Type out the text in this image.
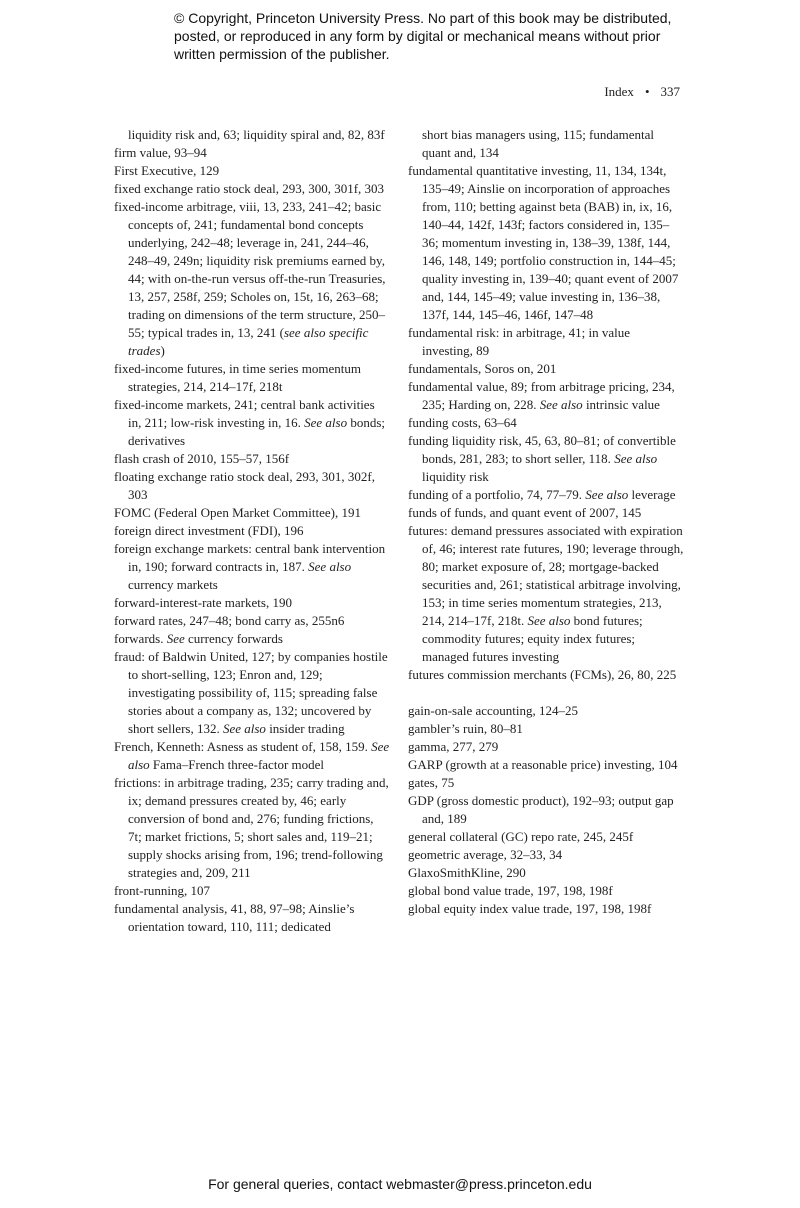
© Copyright, Princeton University Press. No part of this book may be distributed, posted, or reproduced in any form by digital or mechanical means without prior written permission of the publisher.
Index • 337
liquidity risk and, 63; liquidity spiral and, 82, 83f
firm value, 93–94
First Executive, 129
fixed exchange ratio stock deal, 293, 300, 301f, 303
fixed-income arbitrage, viii, 13, 233, 241–42; basic concepts of, 241; fundamental bond concepts underlying, 242–48; leverage in, 241, 244–46, 248–49, 249n; liquidity risk premiums earned by, 44; with on-the-run versus off-the-run Treasuries, 13, 257, 258f, 259; Scholes on, 15t, 16, 263–68; trading on dimensions of the term structure, 250–55; typical trades in, 13, 241 (see also specific trades)
fixed-income futures, in time series momentum strategies, 214, 214–17f, 218t
fixed-income markets, 241; central bank activities in, 211; low-risk investing in, 16. See also bonds; derivatives
flash crash of 2010, 155–57, 156f
floating exchange ratio stock deal, 293, 301, 302f, 303
FOMC (Federal Open Market Committee), 191
foreign direct investment (FDI), 196
foreign exchange markets: central bank intervention in, 190; forward contracts in, 187. See also currency markets
forward-interest-rate markets, 190
forward rates, 247–48; bond carry as, 255n6
forwards. See currency forwards
fraud: of Baldwin United, 127; by companies hostile to short-selling, 123; Enron and, 129; investigating possibility of, 115; spreading false stories about a company as, 132; uncovered by short sellers, 132. See also insider trading
French, Kenneth: Asness as student of, 158, 159. See also Fama–French three-factor model
frictions: in arbitrage trading, 235; carry trading and, ix; demand pressures created by, 46; early conversion of bond and, 276; funding frictions, 7t; market frictions, 5; short sales and, 119–21; supply shocks arising from, 196; trend-following strategies and, 209, 211
front-running, 107
fundamental analysis, 41, 88, 97–98; Ainslie’s orientation toward, 110, 111; dedicated
short bias managers using, 115; fundamental quant and, 134
fundamental quantitative investing, 11, 134, 134t, 135–49; Ainslie on incorporation of approaches from, 110; betting against beta (BAB) in, ix, 16, 140–44, 142f, 143f; factors considered in, 135–36; momentum investing in, 138–39, 138f, 144, 146, 148, 149; portfolio construction in, 144–45; quality investing in, 139–40; quant event of 2007 and, 144, 145–49; value investing in, 136–38, 137f, 144, 145–46, 146f, 147–48
fundamental risk: in arbitrage, 41; in value investing, 89
fundamentals, Soros on, 201
fundamental value, 89; from arbitrage pricing, 234, 235; Harding on, 228. See also intrinsic value
funding costs, 63–64
funding liquidity risk, 45, 63, 80–81; of convertible bonds, 281, 283; to short seller, 118. See also liquidity risk
funding of a portfolio, 74, 77–79. See also leverage
funds of funds, and quant event of 2007, 145
futures: demand pressures associated with expiration of, 46; interest rate futures, 190; leverage through, 80; market exposure of, 28; mortgage-backed securities and, 261; statistical arbitrage involving, 153; in time series momentum strategies, 213, 214, 214–17f, 218t. See also bond futures; commodity futures; equity index futures; managed futures investing
futures commission merchants (FCMs), 26, 80, 225
gain-on-sale accounting, 124–25
gambler’s ruin, 80–81
gamma, 277, 279
GARP (growth at a reasonable price) investing, 104
gates, 75
GDP (gross domestic product), 192–93; output gap and, 189
general collateral (GC) repo rate, 245, 245f
geometric average, 32–33, 34
GlaxoSmithKline, 290
global bond value trade, 197, 198, 198f
global equity index value trade, 197, 198, 198f
For general queries, contact webmaster@press.princeton.edu
